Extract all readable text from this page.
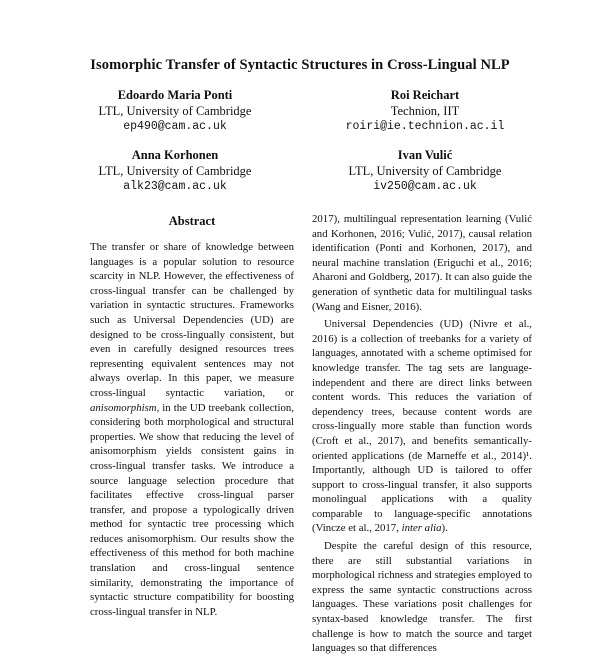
Isomorphic Transfer of Syntactic Structures in Cross-Lingual NLP
Edoardo Maria Ponti
LTL, University of Cambridge
ep490@cam.ac.uk
Roi Reichart
Technion, IIT
roiri@ie.technion.ac.il
Anna Korhonen
LTL, University of Cambridge
alk23@cam.ac.uk
Ivan Vulić
LTL, University of Cambridge
iv250@cam.ac.uk
Abstract

The transfer or share of knowledge between languages is a popular solution to resource scarcity in NLP. However, the effectiveness of cross-lingual transfer can be challenged by variation in syntactic structures. Frameworks such as Universal Dependencies (UD) are designed to be cross-lingually consistent, but even in carefully designed resources trees representing equivalent sentences may not always overlap. In this paper, we measure cross-lingual syntactic variation, or anisomorphism, in the UD treebank collection, considering both morphological and structural properties. We show that reducing the level of anisomorphism yields consistent gains in cross-lingual transfer tasks. We introduce a source language selection procedure that facilitates effective cross-lingual parser transfer, and propose a typologically driven method for syntactic tree processing which reduces anisomorphism. Our results show the effectiveness of this method for both machine translation and cross-lingual sentence similarity, demonstrating the importance of syntactic structure compatibility for boosting cross-lingual transfer in NLP.

2017), multilingual representation learning (Vulić and Korhonen, 2016; Vulić, 2017), causal relation identification (Ponti and Korhonen, 2017), and neural machine translation (Eriguchi et al., 2016; Aharoni and Goldberg, 2017). It can also guide the generation of synthetic data for multilingual tasks (Wang and Eisner, 2016).

Universal Dependencies (UD) (Nivre et al., 2016) is a collection of treebanks for a variety of languages, annotated with a scheme optimised for knowledge transfer. The tag sets are language-independent and there are direct links between content words. This reduces the variation of dependency trees, because content words are cross-lingually more stable than function words (Croft et al., 2017), and benefits semantically-oriented applications (de Marneffe et al., 2014)¹. Importantly, although UD is tailored to offer support to cross-lingual transfer, it also supports monolingual applications with a quality comparable to language-specific annotations (Vincze et al., 2017, inter alia).

Despite the careful design of this resource, there are still substantial variations in morphological richness and strategies employed to express the same syntactic constructions across languages. These variations posit challenges for syntax-based knowledge transfer. The first challenge is how to match the source and target languages so that differences
